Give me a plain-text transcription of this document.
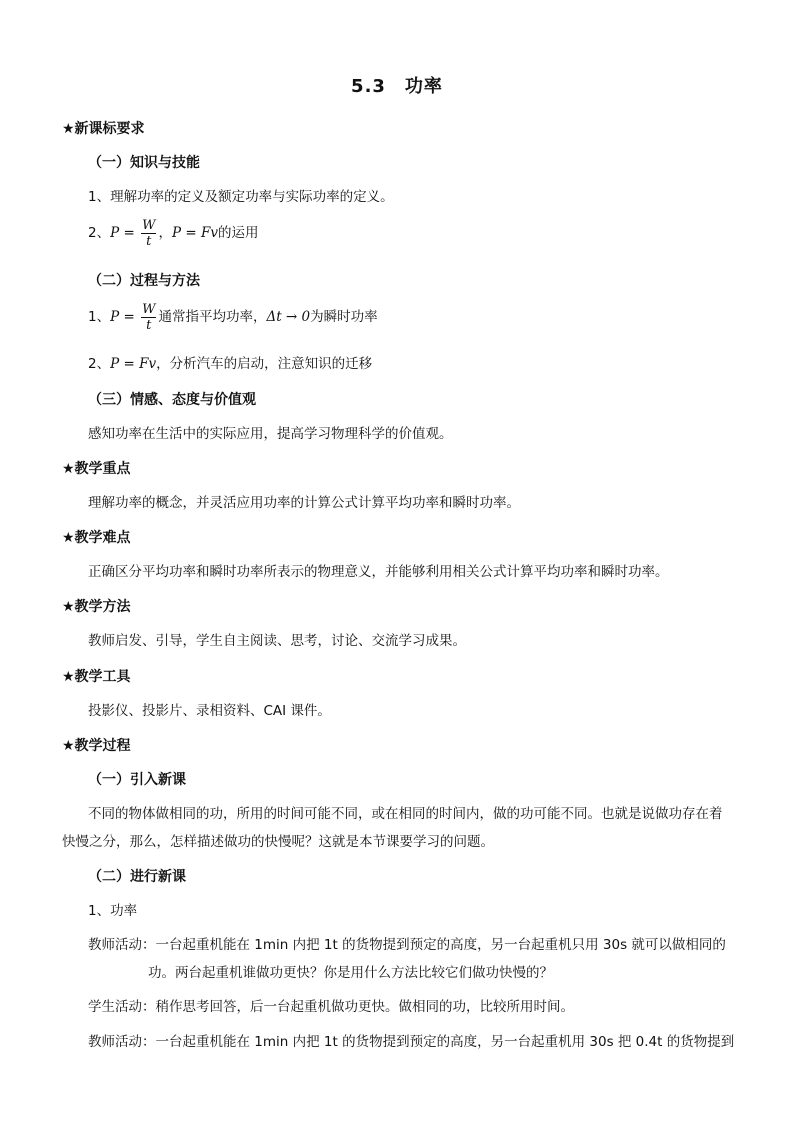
5.3　功率
★新课标要求
（一）知识与技能
1、理解功率的定义及额定功率与实际功率的定义。
2、$P = \frac{W}{t}$ ，P = Fv的运用
（二）过程与方法
1、$P = \frac{W}{t}$ 通常指平均功率，Δt → 0为瞬时功率
2、P = Fv，分析汽车的启动，注意知识的迁移
（三）情感、态度与价值观
感知功率在生活中的实际应用，提高学习物理科学的价值观。
★教学重点
理解功率的概念，并灵活应用功率的计算公式计算平均功率和瞬时功率。
★教学难点
正确区分平均功率和瞬时功率所表示的物理意义，并能够利用相关公式计算平均功率和瞬时功率。
★教学方法
教师启发、引导，学生自主阅读、思考，讨论、交流学习成果。
★教学工具
投影仪、投影片、录相资料、CAI 课件。
★教学过程
（一）引入新课
不同的物体做相同的功，所用的时间可能不同，或在相同的时间内，做的功可能不同。也就是说做功存在着快慢之分，那么，怎样描述做功的快慢呢？这就是本节课要学习的问题。
（二）进行新课
1、功率
教师活动：一台起重机能在 1min 内把 1t 的货物提到预定的高度，另一台起重机只用 30s 就可以做相同的功。两台起重机谁做功更快？你是用什么方法比较它们做功快慢的？
学生活动：稍作思考回答，后一台起重机做功更快。做相同的功，比较所用时间。
教师活动：一台起重机能在 1min 内把 1t 的货物提到预定的高度，另一台起重机用 30s 把 0.4t 的货物提到
